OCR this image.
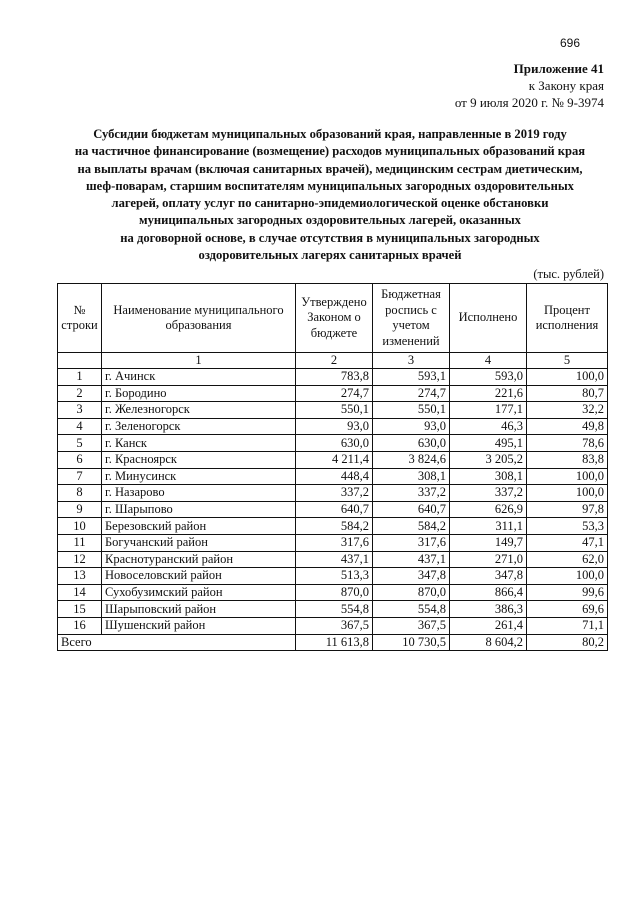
696
Приложение 41
к Закону края
от 9 июля 2020 г. № 9-3974
Субсидии бюджетам муниципальных образований края, направленные в 2019 году
на частичное финансирование (возмещение) расходов муниципальных образований края
на выплаты врачам (включая санитарных врачей), медицинским сестрам диетическим,
шеф-поварам, старшим воспитателям муниципальных загородных оздоровительных
лагерей, оплату услуг по санитарно-эпидемиологической оценке обстановки
муниципальных загородных оздоровительных лагерей, оказанных
на договорной основе, в случае отсутствия в муниципальных загородных
оздоровительных лагерях санитарных врачей
(тыс. рублей)
№ строки	Наименование муниципального образования	Утверждено Законом о бюджете	Бюджетная роспись с учетом изменений	Исполнено	Процент исполнения
	1	2	3	4	5
1	г. Ачинск	783,8	593,1	593,0	100,0
2	г. Бородино	274,7	274,7	221,6	80,7
3	г. Железногорск	550,1	550,1	177,1	32,2
4	г. Зеленогорск	93,0	93,0	46,3	49,8
5	г. Канск	630,0	630,0	495,1	78,6
6	г. Красноярск	4 211,4	3 824,6	3 205,2	83,8
7	г. Минусинск	448,4	308,1	308,1	100,0
8	г. Назарово	337,2	337,2	337,2	100,0
9	г. Шарыпово	640,7	640,7	626,9	97,8
10	Березовский район	584,2	584,2	311,1	53,3
11	Богучанский район	317,6	317,6	149,7	47,1
12	Краснотуранский район	437,1	437,1	271,0	62,0
13	Новоселовский район	513,3	347,8	347,8	100,0
14	Сухобузимский район	870,0	870,0	866,4	99,6
15	Шарыповский район	554,8	554,8	386,3	69,6
16	Шушенский район	367,5	367,5	261,4	71,1
Всего		11 613,8	10 730,5	8 604,2	80,2
